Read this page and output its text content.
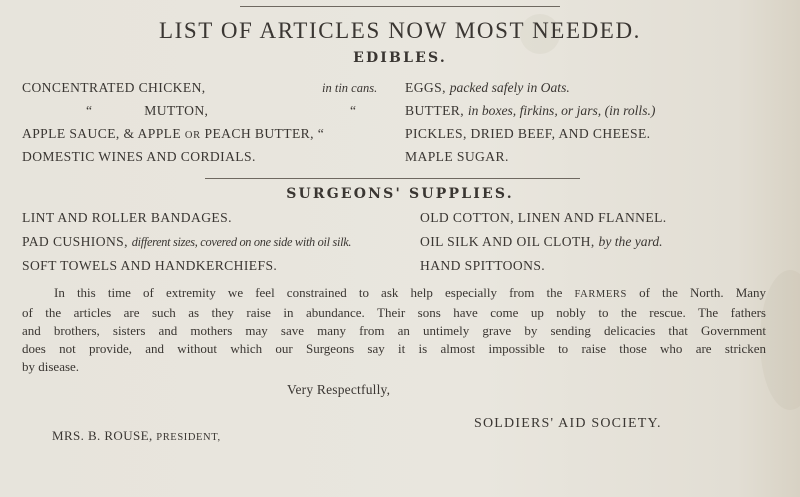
LIST OF ARTICLES NOW MOST NEEDED.
EDIBLES.
CONCENTRATED CHICKEN,	in tin cans.
“ MUTTON,	“
APPLE SAUCE, & APPLE OR PEACH BUTTER, “
DOMESTIC WINES AND CORDIALS.
EGGS, packed safely in Oats.
BUTTER, in boxes, firkins, or jars, (in rolls.)
PICKLES, DRIED BEEF, AND CHEESE.
MAPLE SUGAR.
SURGEONS' SUPPLIES.
LINT AND ROLLER BANDAGES.
PAD CUSHIONS, different sizes, covered on one side with oil silk.
SOFT TOWELS AND HANDKERCHIEFS.
OLD COTTON, LINEN AND FLANNEL.
OIL SILK AND OIL CLOTH, by the yard.
HAND SPITTOONS.
In this time of extremity we feel constrained to ask help especially from the FARMERS of the North. Many
of the articles are such as they raise in abundance. Their sons have come up nobly to the rescue. The fathers
and brothers, sisters and mothers may save many from an untimely grave by sending delicacies that Government
does not provide, and without which our Surgeons say it is almost impossible to raise those who are stricken
by disease.
Very Respectfully,
MRS. B. ROUSE, PRESIDENT,
SOLDIERS' AID SOCIETY.
